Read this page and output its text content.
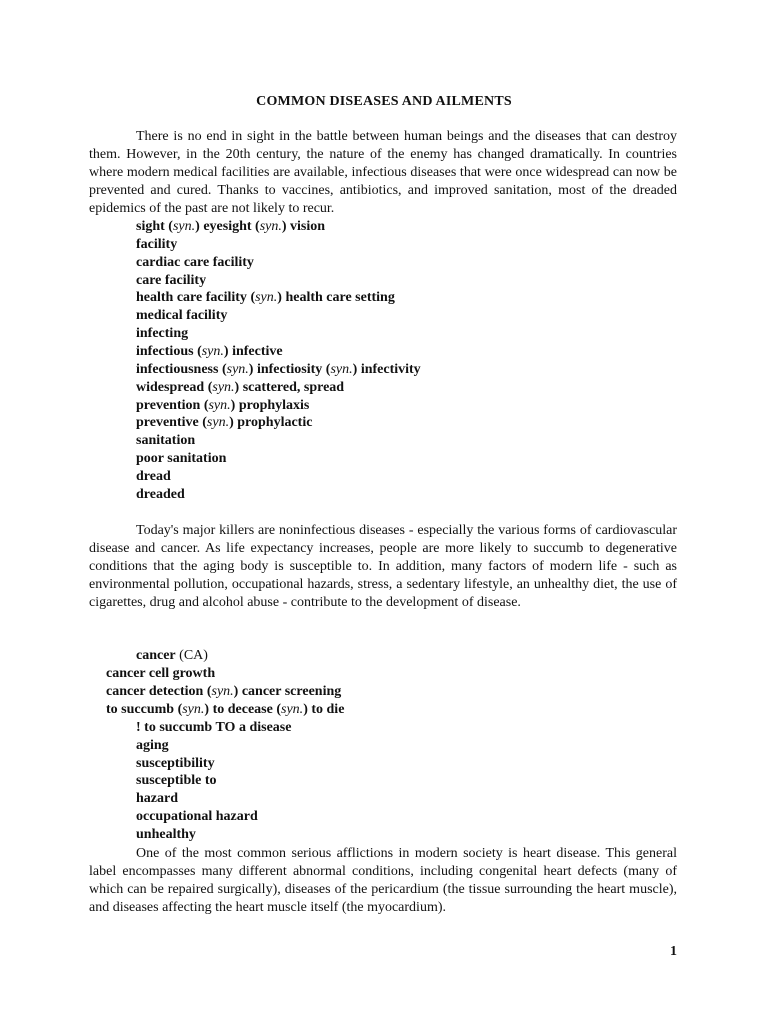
COMMON DISEASES AND AILMENTS

There is no end in sight in the battle between human beings and the diseases that can destroy them. However, in the 20th century, the nature of the enemy has changed dramatically. In countries where modern medical facilities are available, infectious diseases that were once widespread can now be prevented and cured. Thanks to vaccines, antibiotics, and improved sanitation, most of the dreaded epidemics of the past are not likely to recur.

sight (syn.) eyesight (syn.) vision
facility
cardiac care facility
care facility
health care facility (syn.) health care setting
medical facility
infecting
infectious (syn.) infective
infectiousness (syn.) infectiosity (syn.) infectivity
widespread (syn.) scattered, spread
prevention (syn.) prophylaxis
preventive (syn.) prophylactic
sanitation
poor sanitation
dread
dreaded

Today's major killers are noninfectious diseases - especially the various forms of cardiovascular disease and cancer. As life expectancy increases, people are more likely to succumb to degenerative conditions that the aging body is susceptible to. In addition, many factors of modern life - such as environmental pollution, occupational hazards, stress, a sedentary lifestyle, an unhealthy diet, the use of cigarettes, drug and alcohol abuse - contribute to the development of disease.

cancer (CA)
cancer cell growth
cancer detection (syn.) cancer screening
to succumb (syn.) to decease (syn.) to die
! to succumb TO a disease
aging
susceptibility
susceptible to
hazard
occupational hazard
unhealthy

One of the most common serious afflictions in modern society is heart disease. This general label encompasses many different abnormal conditions, including congenital heart defects (many of which can be repaired surgically), diseases of the pericardium (the tissue surrounding the heart muscle), and diseases affecting the heart muscle itself (the myocardium).

1
